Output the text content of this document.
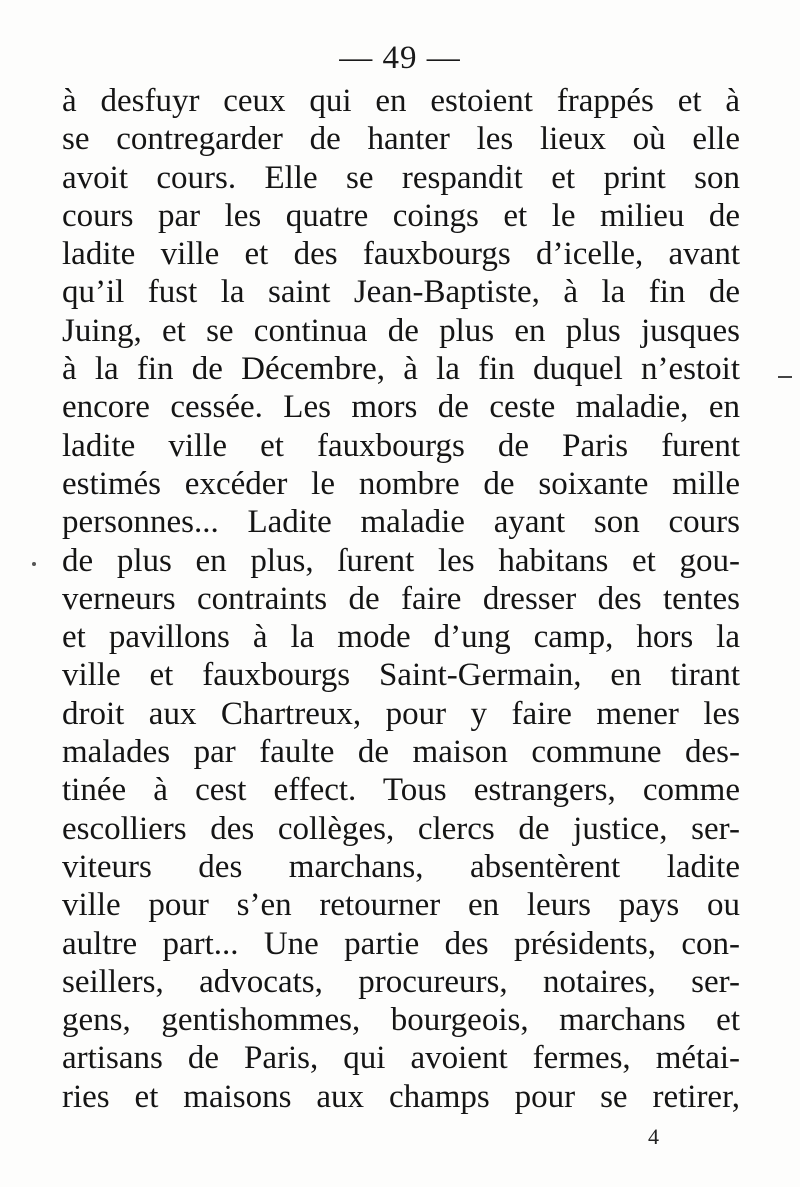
— 49 —
à desfuyr ceux qui en estoient frappés et à
se contregarder de hanter les lieux où elle
avoit cours. Elle se respandit et print son
cours par les quatre coings et le milieu de
ladite ville et des fauxbourgs d’icelle, avant
qu’il fust la saint Jean-Baptiste, à la fin de
Juing, et se continua de plus en plus jusques
à la fin de Décembre, à la fin duquel n’estoit
encore cessée. Les mors de ceste maladie, en
ladite ville et fauxbourgs de Paris furent
estimés excéder le nombre de soixante mille
personnes... Ladite maladie ayant son cours
de plus en plus, ſurent les habitans et gou-
verneurs contraints de faire dresser des tentes
et pavillons à la mode d’ung camp, hors la
ville et fauxbourgs Saint-Germain, en tirant
droit aux Chartreux, pour y faire mener les
malades par faulte de maison commune des-
tinée à cest effect. Tous estrangers, comme
escolliers des collèges, clercs de justice, ser-
viteurs des marchans, absentèrent ladite
ville pour s’en retourner en leurs pays ou
aultre part... Une partie des présidents, con-
seillers, advocats, procureurs, notaires, ser-
gens, gentishommes, bourgeois, marchans et
artisans de Paris, qui avoient fermes, métai-
ries et maisons aux champs pour se retirer,
4
